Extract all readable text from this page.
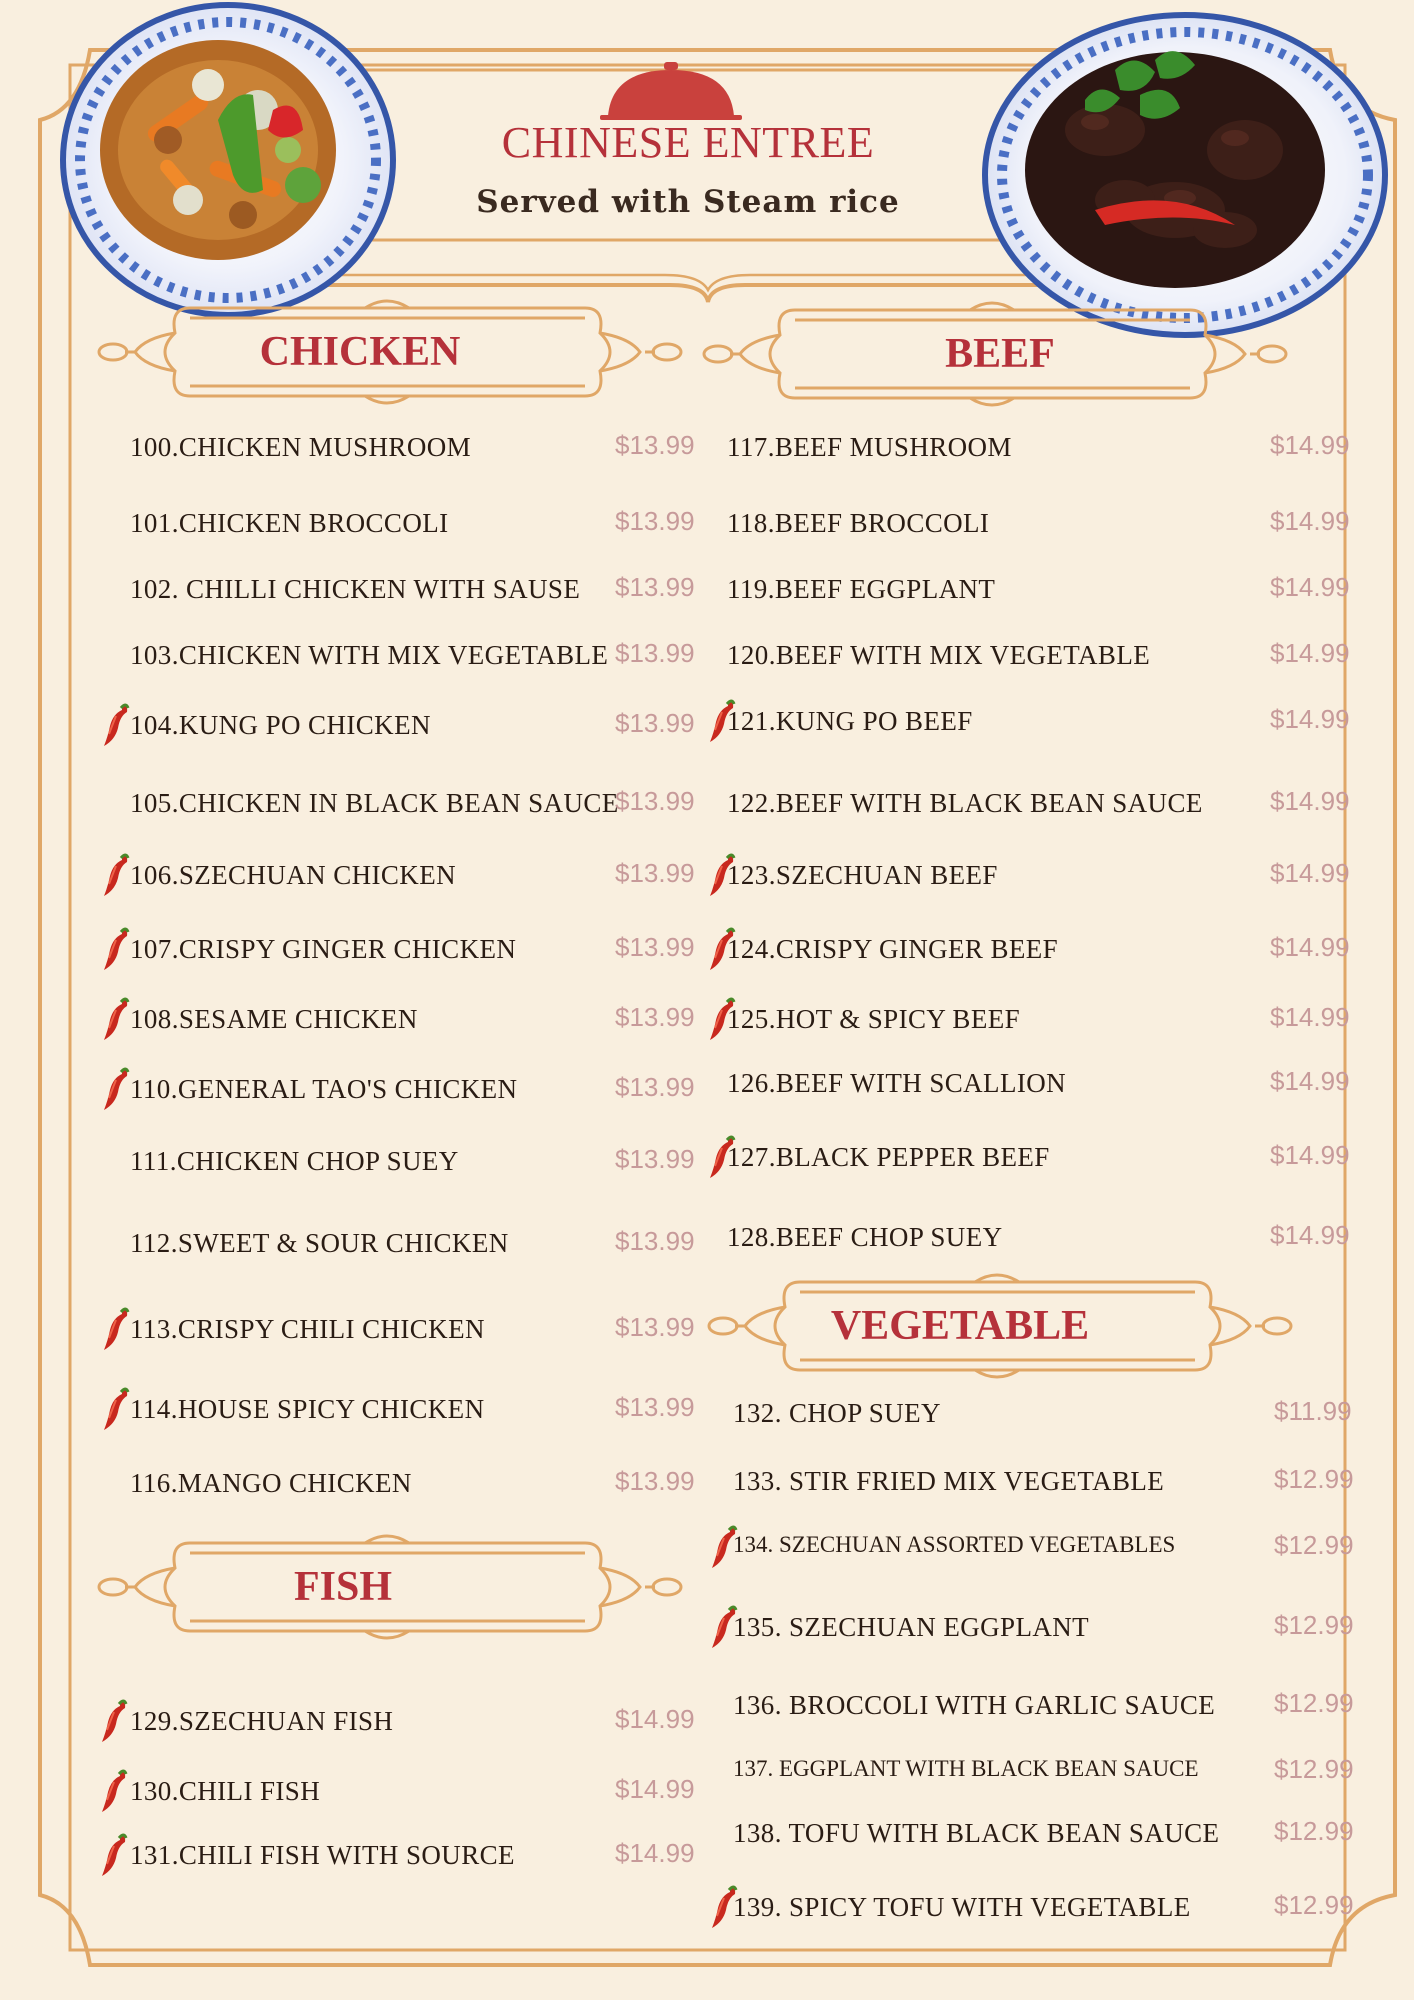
CHINESE ENTREE
Served with Steam rice
CHICKEN	BEEF
VEGETABLE
FISH
100.CHICKEN MUSHROOM	$13.99
101.CHICKEN BROCCOLI	$13.99
102. CHILLI CHICKEN WITH SAUSE $13.99
103.CHICKEN WITH MIX VEGETABLE $13.99
104.KUNG PO CHICKEN	$13.99
105.CHICKEN IN BLACK BEAN SAUCE
$13.99
106.SZECHUAN CHICKEN	$13.99
107.CRISPY GINGER CHICKEN	$13.99
108.SESAME CHICKEN	$13.99
110.GENERAL TAO'S CHICKEN	$13.99
111.CHICKEN CHOP SUEY	$13.99
112.SWEET & SOUR CHICKEN	$13.99
113.CRISPY CHILI CHICKEN	$13.99
114.HOUSE SPICY CHICKEN	$13.99
116.MANGO CHICKEN	$13.99
129.SZECHUAN FISH	$14.99
130.CHILI FISH	$14.99
131.CHILI FISH WITH SOURCE	$14.99
117.BEEF MUSHROOM	$14.99
118.BEEF BROCCOLI	$14.99
119.BEEF EGGPLANT	$14.99
120.BEEF WITH MIX VEGETABLE	$14.99
121.KUNG PO BEEF	$14.99
122.BEEF WITH BLACK BEAN SAUCE	$14.99
123.SZECHUAN BEEF	$14.99
124.CRISPY GINGER BEEF	$14.99
125.HOT & SPICY BEEF	$14.99
126.BEEF WITH SCALLION	$14.99
127.BLACK PEPPER BEEF	$14.99
128.BEEF CHOP SUEY	$14.99
132. CHOP SUEY	$11.99
133. STIR FRIED MIX VEGETABLE	$12.99
134. SZECHUAN ASSORTED VEGETABLES	$12.99
135. SZECHUAN EGGPLANT	$12.99
136. BROCCOLI WITH GARLIC SAUCE $12.99
137. EGGPLANT WITH BLACK BEAN SAUCE	$12.99
138. TOFU WITH BLACK BEAN SAUCE $12.99
139. SPICY TOFU WITH VEGETABLE	$12.99
